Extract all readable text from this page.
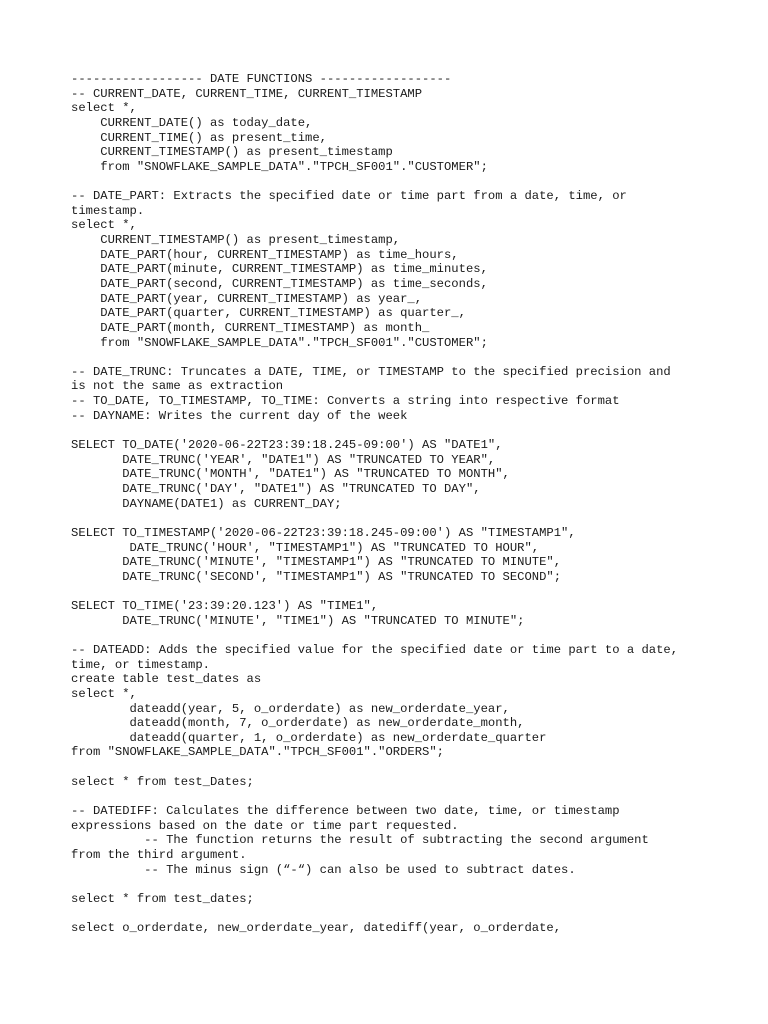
------------------ DATE FUNCTIONS ------------------
-- CURRENT_DATE, CURRENT_TIME, CURRENT_TIMESTAMP
select *,
CURRENT_DATE() as today_date,
CURRENT_TIME() as present_time,
CURRENT_TIMESTAMP() as present_timestamp
from "SNOWFLAKE_SAMPLE_DATA"."TPCH_SF001"."CUSTOMER";
-- DATE_PART: Extracts the specified date or time part from a date, time, or
timestamp.
select *,
CURRENT_TIMESTAMP() as present_timestamp,
DATE_PART(hour, CURRENT_TIMESTAMP) as time_hours,
DATE_PART(minute, CURRENT_TIMESTAMP) as time_minutes,
DATE_PART(second, CURRENT_TIMESTAMP) as time_seconds,
DATE_PART(year, CURRENT_TIMESTAMP) as year_,
DATE_PART(quarter, CURRENT_TIMESTAMP) as quarter_,
DATE_PART(month, CURRENT_TIMESTAMP) as month_
from "SNOWFLAKE_SAMPLE_DATA"."TPCH_SF001"."CUSTOMER";
-- DATE_TRUNC: Truncates a DATE, TIME, or TIMESTAMP to the specified precision and
is not the same as extraction
-- TO_DATE, TO_TIMESTAMP, TO_TIME: Converts a string into respective format
-- DAYNAME: Writes the current day of the week
SELECT TO_DATE('2020-06-22T23:39:18.245-09:00') AS "DATE1",
DATE_TRUNC('YEAR', "DATE1") AS "TRUNCATED TO YEAR",
DATE_TRUNC('MONTH', "DATE1") AS "TRUNCATED TO MONTH",
DATE_TRUNC('DAY', "DATE1") AS "TRUNCATED TO DAY",
DAYNAME(DATE1) as CURRENT_DAY;
SELECT TO_TIMESTAMP('2020-06-22T23:39:18.245-09:00') AS "TIMESTAMP1",
DATE_TRUNC('HOUR', "TIMESTAMP1") AS "TRUNCATED TO HOUR",
DATE_TRUNC('MINUTE', "TIMESTAMP1") AS "TRUNCATED TO MINUTE",
DATE_TRUNC('SECOND', "TIMESTAMP1") AS "TRUNCATED TO SECOND";
SELECT TO_TIME('23:39:20.123') AS "TIME1",
DATE_TRUNC('MINUTE', "TIME1") AS "TRUNCATED TO MINUTE";
-- DATEADD: Adds the specified value for the specified date or time part to a date,
time, or timestamp.
create table test_dates as
select *,
dateadd(year, 5, o_orderdate) as new_orderdate_year,
dateadd(month, 7, o_orderdate) as new_orderdate_month,
dateadd(quarter, 1, o_orderdate) as new_orderdate_quarter
from "SNOWFLAKE_SAMPLE_DATA"."TPCH_SF001"."ORDERS";
select * from test_Dates;
-- DATEDIFF: Calculates the difference between two date, time, or timestamp
expressions based on the date or time part requested.
-- The function returns the result of subtracting the second argument
from the third argument.
-- The minus sign (“-“) can also be used to subtract dates.
select * from test_dates;
select o_orderdate, new_orderdate_year, datediff(year, o_orderdate,
